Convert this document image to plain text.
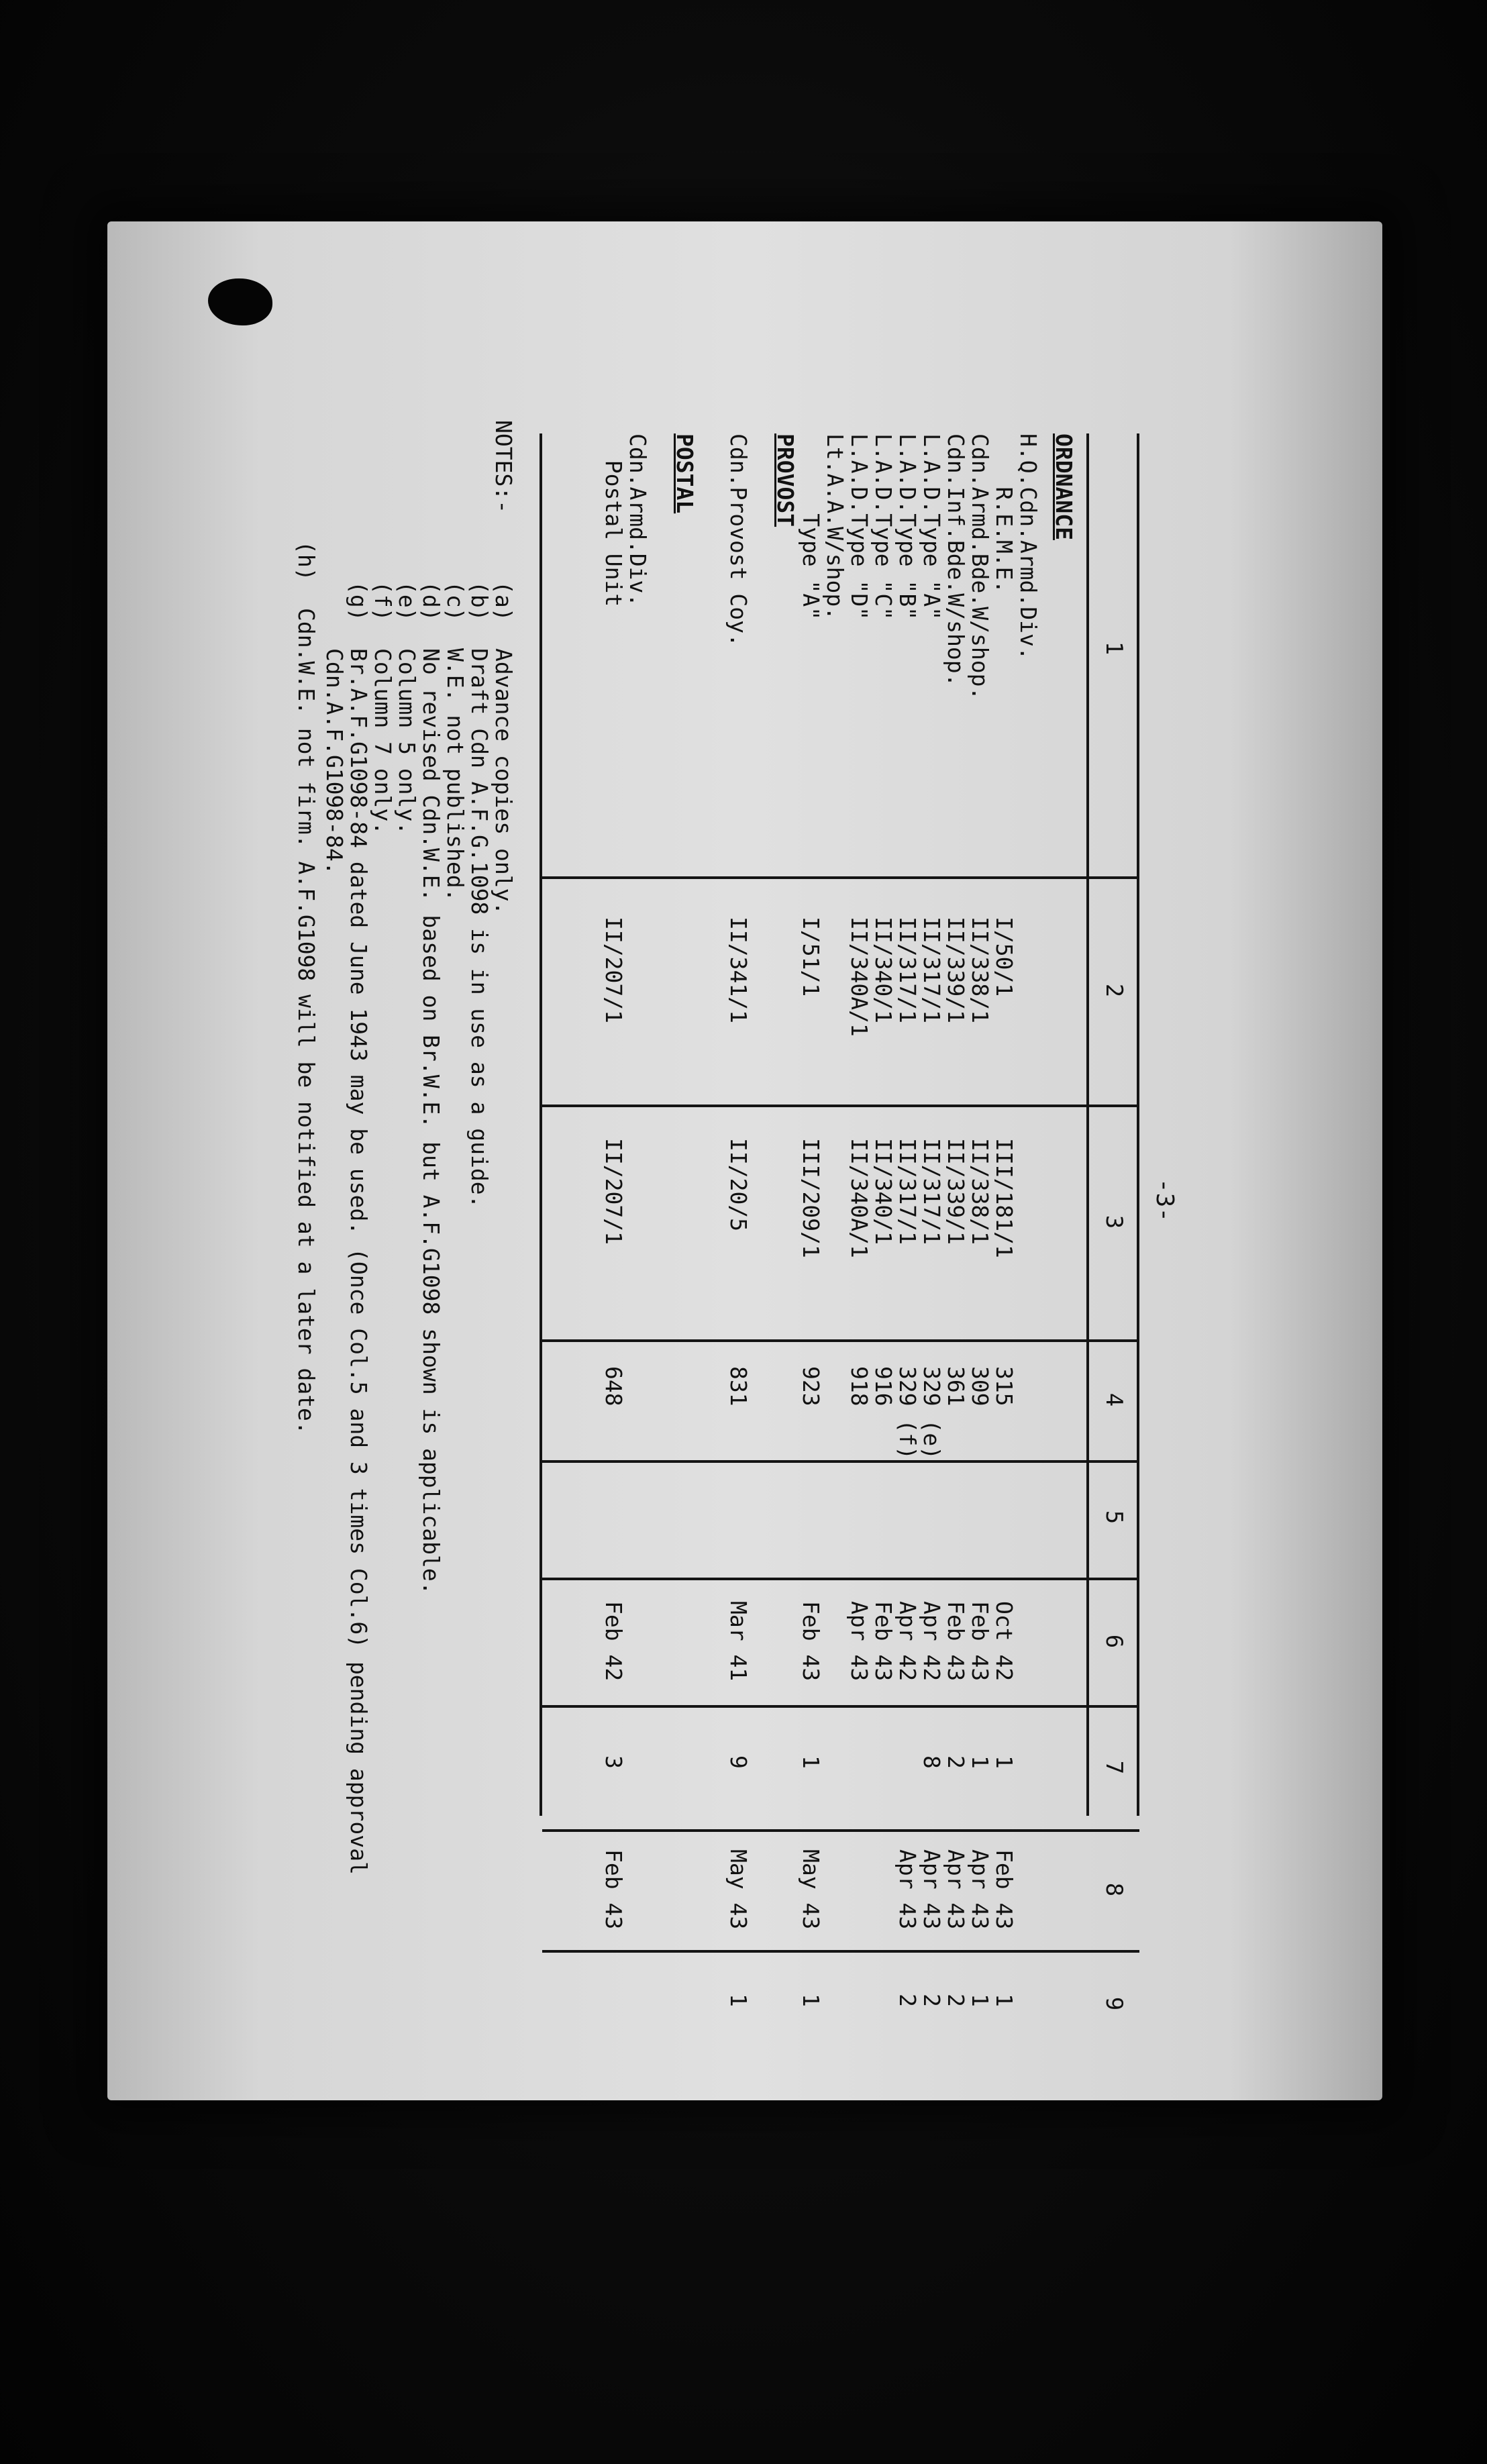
-3-
1
2
3
4
5
6
7
8
9
ORDNANCE
PROVOST
POSTAL	H.Q.Cdn.Armd.Div.
R.E.M.E.
I/50/1
III/181/1
315
Oct 42
1
Feb 43
1
Cdn.Armd.Bde.W/shop.
II/338/1
II/338/1
309
Feb 43
1
Apr 43
1
Cdn.Inf.Bde.W/shop.
II/339/1
II/339/1
361
Feb 43
2
Apr 43
2
L.A.D.Type "A"
II/317/1
II/317/1
329 (e)
Apr 42
8
Apr 43
2
L.A.D.Type "B"
II/317/1
II/317/1
329 (f)
Apr 42
Apr 43
2
L.A.D.Type "C"
II/340/1
II/340/1
916
Feb 43
L.A.D.Type "D"
II/340A/1
II/340A/1
918
Apr 43
Lt.A.A.W/shop.
Type "A"
I/51/1
III/209/1
923
Feb 43
1
May 43
1
Cdn.Provost Coy.
II/341/1
II/20/5
831
Mar 41
9
May 43
1
Cdn.Armd.Div.
Postal Unit
II/207/1
II/207/1
648
Feb 42
3
Feb 43
NOTES:-
(a)
Advance copies only.
(b)
Draft Cdn A.F.G.1098 is in use as a guide.
(c)
W.E. not published.
(d)
No revised Cdn.W.E. based on Br.W.E. but A.F.G1098 shown is applicable.
(e)
Column 5 only.
(f)
Column 7 only.
(g)
Br.A.F.G1098-84 dated June 1943 may be used. (Once Col.5 and 3 times Col.6) pending approval
Cdn.A.F.G1098-84.
(h)
Cdn.W.E. not firm. A.F.G1098 will be notified at a later date.
